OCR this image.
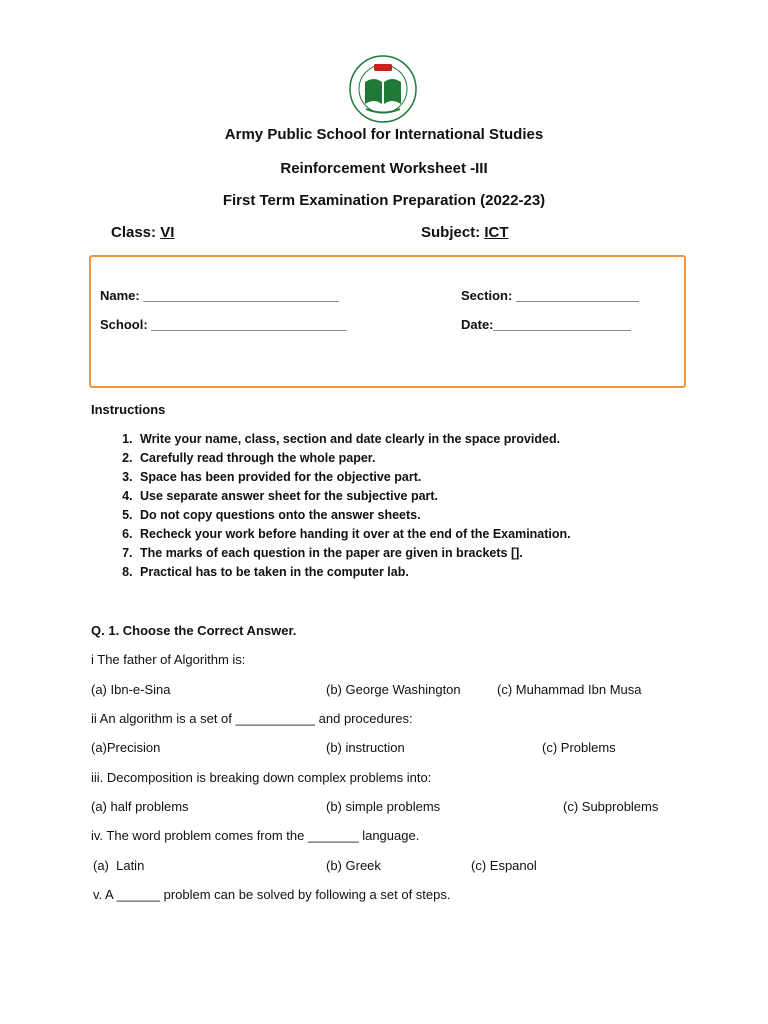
Army Public School for International Studies
Reinforcement Worksheet -III
First Term Examination Preparation (2022-23)
Class: VI	Subject: ICT
Name: ___________________________	Section: _________________
School: ___________________________	Date:___________________
Instructions
1. Write your name, class, section and date clearly in the space provided.
2. Carefully read through the whole paper.
3. Space has been provided for the objective part.
4. Use separate answer sheet for the subjective part.
5. Do not copy questions onto the answer sheets.
6. Recheck your work before handing it over at the end of the Examination.
7. The marks of each question in the paper are given in brackets [].
8. Practical has to be taken in the computer lab.
Q. 1. Choose the Correct Answer.
i The father of Algorithm is:
(a) Ibn-e-Sina	(b) George Washington	(c) Muhammad Ibn Musa
ii An algorithm is a set of ___________ and procedures:
(a)Precision	(b) instruction	(c) Problems
iii. Decomposition is breaking down complex problems into:
(a) half problems	(b) simple problems	(c) Subproblems
iv. The word problem comes from the _______ language.
(a)  Latin	(b) Greek	(c) Espanol
v. A ______ problem can be solved by following a set of steps.
